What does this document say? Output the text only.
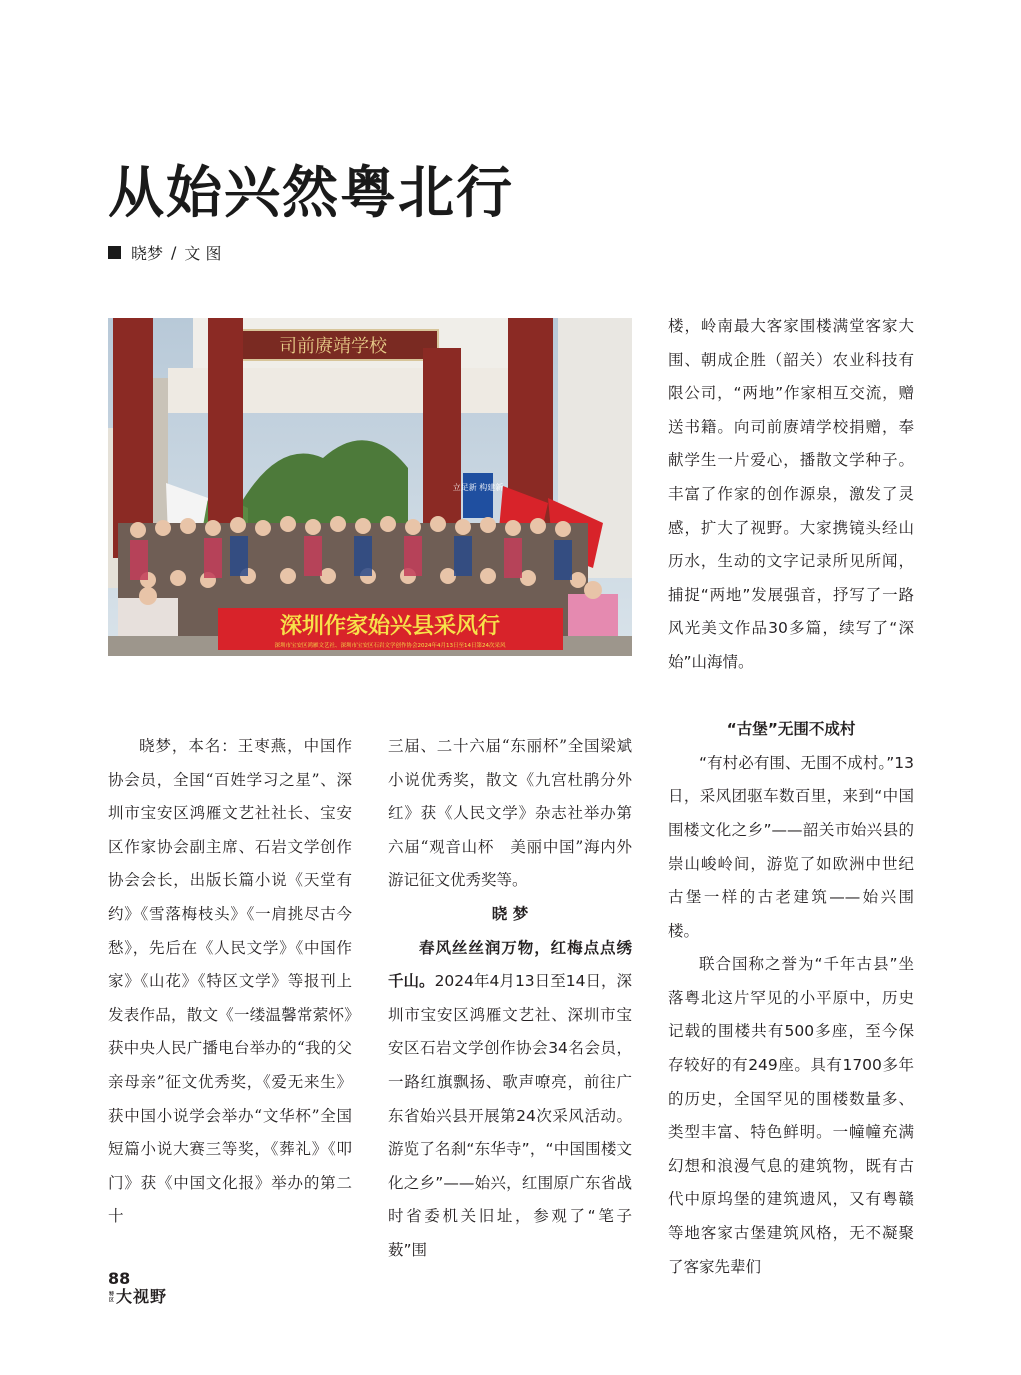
从始兴然粤北行
晓梦 / 文 图
司前赓靖学校
立足新 构建新
深圳作家始兴县采风行
深圳市宝安区鸿雁文艺社、深圳市宝安区石岩文学创作协会2024年4月13日至14日第24次采风

晓梦，本名：王枣燕，中国作协会员，全国“百姓学习之星”、深圳市宝安区鸿雁文艺社社长、宝安区作家协会副主席、石岩文学创作协会会长，出版长篇小说《天堂有约》《雪落梅枝头》《一肩挑尽古今愁》，先后在《人民文学》《中国作家》《山花》《特区文学》等报刊上发表作品，散文《一缕温馨常萦怀》获中央人民广播电台举办的“我的父亲母亲”征文优秀奖，《爱无来生》获中国小说学会举办“文华杯”全国短篇小说大赛三等奖，《葬礼》《叩门》获《中国文化报》举办的第二十

三届、二十六届“东丽杯”全国梁斌小说优秀奖，散文《九宫杜鹃分外红》获《人民文学》杂志社举办第六届“观音山杯　美丽中国”海内外游记征文优秀奖等。

晓 梦

春风丝丝润万物，红梅点点绣千山。2024年4月13日至14日，深圳市宝安区鸿雁文艺社、深圳市宝安区石岩文学创作协会34名会员，一路红旗飘扬、歌声嘹亮，前往广东省始兴县开展第24次采风活动。游览了名刹“东华寺”，“中国围楼文化之乡”——始兴，红围原广东省战时省委机关旧址，参观了“笔子薮”围

楼，岭南最大客家围楼满堂客家大围、朝成企胜（韶关）农业科技有限公司，“两地”作家相互交流，赠送书籍。向司前赓靖学校捐赠，奉献学生一片爱心，播散文学种子。丰富了作家的创作源泉，激发了灵感，扩大了视野。大家携镜头经山历水，生动的文字记录所见所闻，捕捉“两地”发展强音，抒写了一路风光美文作品30多篇，续写了“深始”山海情。

“古堡”无围不成村

“有村必有围、无围不成村。”13日，采风团驱车数百里，来到“中国围楼文化之乡”——韶关市始兴县的崇山峻岭间，游览了如欧洲中世纪古堡一样的古老建筑——始兴围楼。

联合国称之誉为“千年古县”坐落粤北这片罕见的小平原中，历史记载的围楼共有500多座，至今保存较好的有249座。具有1700多年的历史，全国罕见的围楼数量多、类型丰富、特色鲜明。一幢幢充满幻想和浪漫气息的建筑物，既有古代中原坞堡的建筑遗风，又有粤赣等地客家古堡建筑风格，无不凝聚了客家先辈们

88
特区 大视野
